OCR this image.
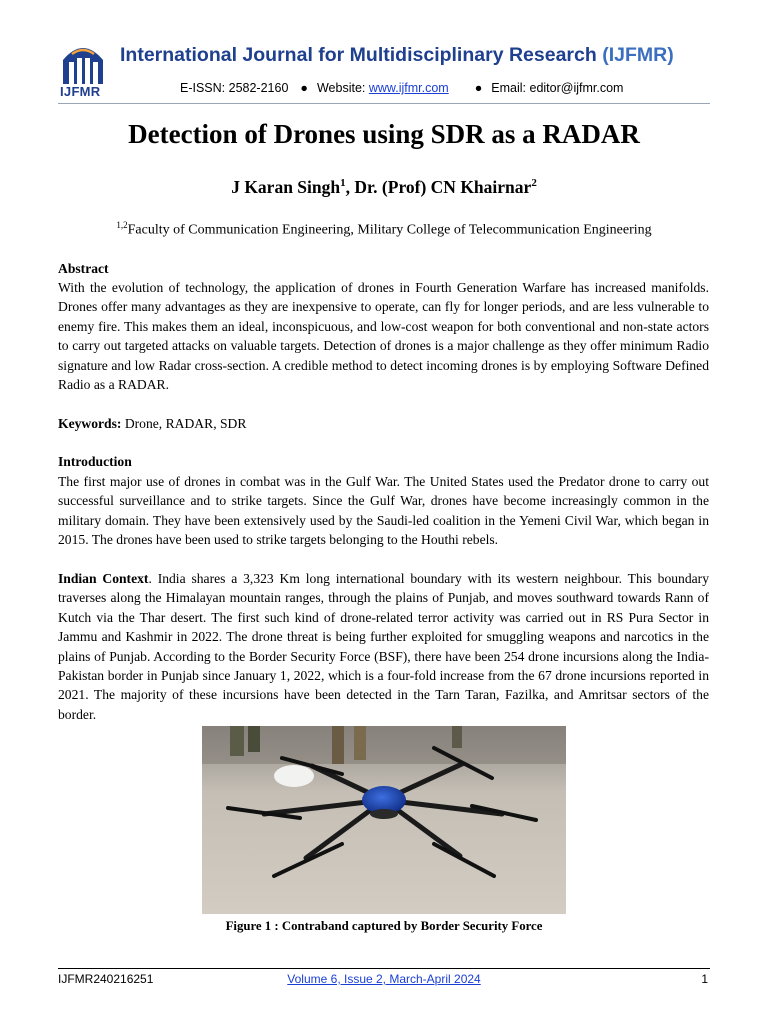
IJFMR
International Journal for Multidisciplinary Research (IJFMR)
E-ISSN: 2582-2160 ● Website: www.ijfmr.com ● Email: editor@ijfmr.com
Detection of Drones using SDR as a RADAR
J Karan Singh$^1$, Dr. (Prof) CN Khairnar$^2$
$^{1,2}$Faculty of Communication Engineering, Military College of Telecommunication Engineering
Abstract

With the evolution of technology, the application of drones in Fourth Generation Warfare has increased manifolds. Drones offer many advantages as they are inexpensive to operate, can fly for longer periods, and are less vulnerable to enemy fire. This makes them an ideal, inconspicuous, and low-cost weapon for both conventional and non-state actors to carry out targeted attacks on valuable targets. Detection of drones is a major challenge as they offer minimum Radio signature and low Radar cross-section. A credible method to detect incoming drones is by employing Software Defined Radio as a RADAR.

Keywords: Drone, RADAR, SDR
Introduction
The first major use of drones in combat was in the Gulf War. The United States used the Predator drone to carry out successful surveillance and to strike targets. Since the Gulf War, drones have become increasingly common in the military domain. They have been extensively used by the Saudi-led coalition in the Yemeni Civil War, which began in 2015. The drones have been used to strike targets belonging to the Houthi rebels.
Indian Context. India shares a 3,323 Km long international boundary with its western neighbour. This boundary traverses along the Himalayan mountain ranges, through the plains of Punjab, and moves southward towards Rann of Kutch via the Thar desert. The first such kind of drone-related terror activity was carried out in RS Pura Sector in Jammu and Kashmir in 2022. The drone threat is being further exploited for smuggling weapons and narcotics in the plains of Punjab. According to the Border Security Force (BSF), there have been 254 drone incursions along the India-Pakistan border in Punjab since January 1, 2022, which is a four-fold increase from the 67 drone incursions reported in 2021. The majority of these incursions have been detected in the Tarn Taran, Fazilka, and Amritsar sectors of the border.
Figure 1 : Contraband captured by Border Security Force
IJFMR240216251	Volume 6, Issue 2, March-April 2024	1
